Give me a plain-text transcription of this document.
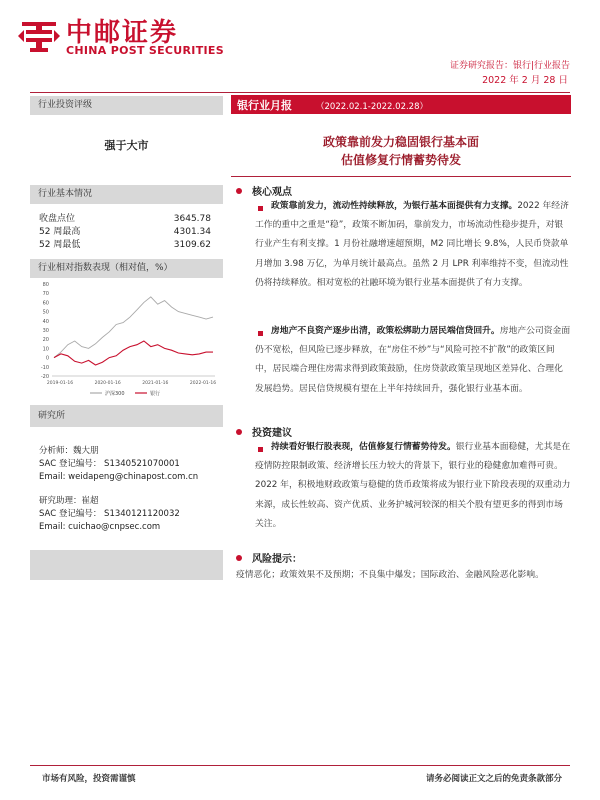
中邮证券
CHINA POST SECURITIES
证券研究报告：银行|行业报告
2022 年 2 月 28 日
行业投资评级
强于大市
行业基本情况
收盘点位	3645.78
52 周最高	4301.34
52 周最低	3109.62
行业相对指数表现（相对值，%）
80
70
60
50
40
30
20
10
0
-10
-20
2019-01-16	2020-01-16	2021-01-16	2022-01-16
沪深300	银行
研究所
分析师：魏大朋
SAC 登记编号： S1340521070001
Email: weidapeng@chinapost.com.cn
研究助理：崔超
SAC 登记编号： S1340121120032
Email: cuichao@cnpsec.com
银行业月报	（2022.02.1-2022.02.28）
政策靠前发力稳固银行基本面
估值修复行情蓄势待发
核心观点
政策靠前发力，流动性持续释放，为银行基本面提供有力支撑。2022 年经济工作的重中之重是“稳”，政策不断加码，靠前发力，市场流动性稳步提升，对银行业产生有利支撑。1 月份社融增速超预期，M2 同比增长 9.8%，人民币贷款单月增加 3.98 万亿，为单月统计最高点。虽然 2 月 LPR 利率维持不变，但流动性仍将持续释放。相对宽松的社融环境为银行业基本面提供了有力支撑。
房地产不良资产逐步出清，政策松绑助力居民端信贷回升。房地产公司资金面仍不宽松，但风险已逐步释放，在“房住不炒”与“风险可控不扩散”的政策区间中，居民端合理住房需求得到政策鼓励，住房贷款政策呈现地区差异化、合理化发展趋势。居民信贷规模有望在上半年持续回升，强化银行业基本面。
投资建议
持续看好银行股表现，估值修复行情蓄势待发。银行业基本面稳健，尤其是在疫情防控限制政策、经济增长压力较大的背景下，银行业的稳健愈加难得可贵。2022 年，积极地财政政策与稳健的货币政策将成为银行业下阶段表现的双重动力来源，成长性较高、资产优质、业务护城河较深的相关个股有望更多的得到市场关注。
风险提示：
疫情恶化；政策效果不及预期；不良集中爆发；国际政治、金融风险恶化影响。
市场有风险，投资需谨慎	请务必阅读正文之后的免责条款部分
